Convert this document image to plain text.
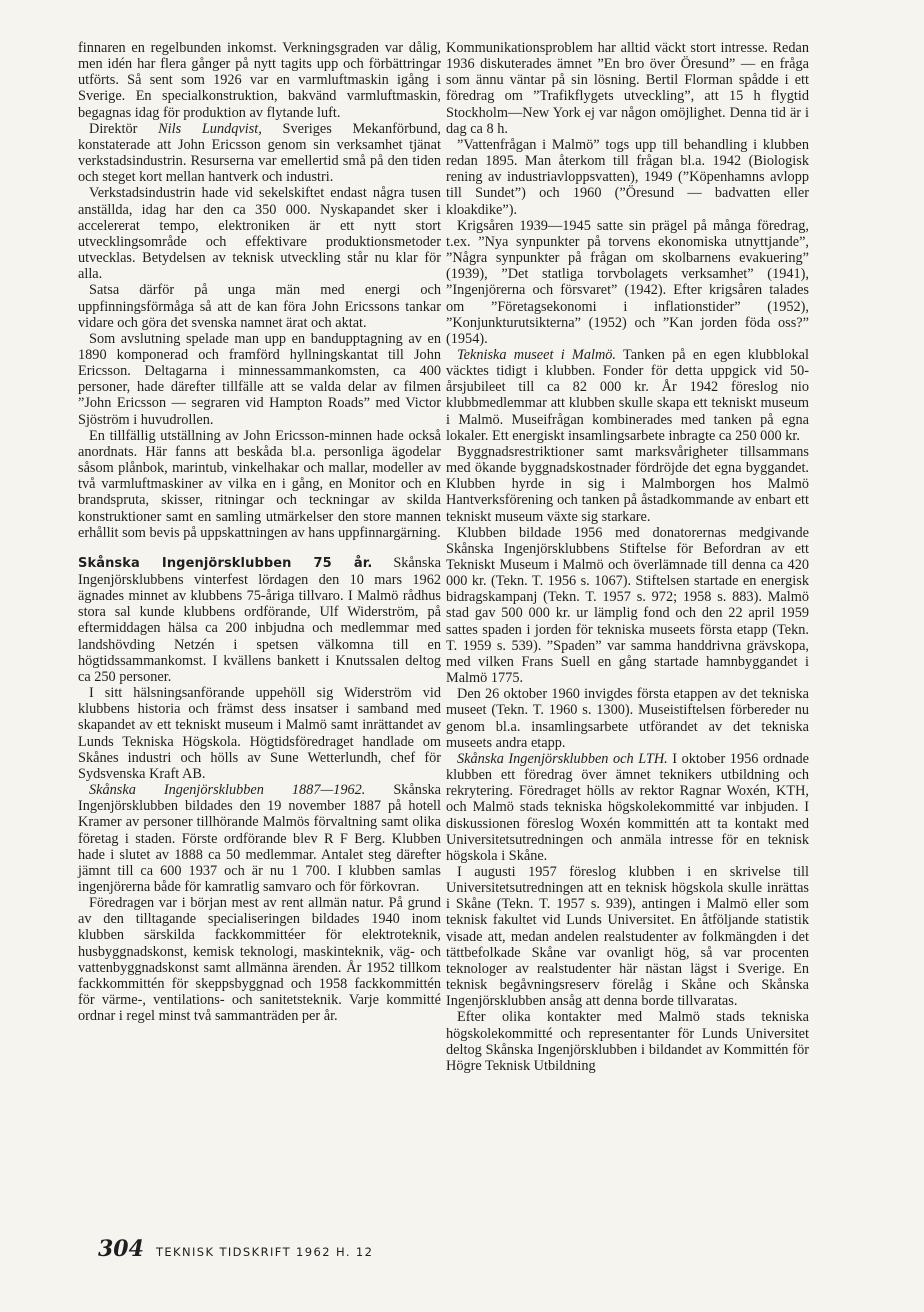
finnaren en regelbunden inkomst. Verkningsgraden var dålig, men idén har flera gånger på nytt tagits upp och förbättringar utförts. Så sent som 1926 var en varmluftmaskin igång i Sverige. En specialkonstruktion, bakvänd varmluftmaskin, begagnas idag för produktion av flytande luft.

Direktör Nils Lundqvist, Sveriges Mekanförbund, konstaterade att John Ericsson genom sin verksamhet tjänat verkstadsindustrin. Resurserna var emellertid små på den tiden och steget kort mellan hantverk och industri.

Verkstadsindustrin hade vid sekelskiftet endast några tusen anställda, idag har den ca 350 000. Nyskapandet sker i accelererat tempo, elektroniken är ett nytt stort utvecklingsområde och effektivare produktionsmetoder utvecklas. Betydelsen av teknisk utveckling står nu klar för alla.

Satsa därför på unga män med energi och uppfinningsförmåga så att de kan föra John Ericssons tankar vidare och göra det svenska namnet ärat och aktat.

Som avslutning spelade man upp en bandupptagning av en 1890 komponerad och framförd hyllningskantat till John Ericsson. Deltagarna i minnessammankomsten, ca 400 personer, hade därefter tillfälle att se valda delar av filmen ”John Ericsson — segraren vid Hampton Roads” med Victor Sjöström i huvudrollen.

En tillfällig utställning av John Ericsson-minnen hade också anordnats. Här fanns att beskåda bl.a. personliga ägodelar såsom plånbok, marintub, vinkelhakar och mallar, modeller av två varmluftmaskiner av vilka en i gång, en Monitor och en brandspruta, skisser, ritningar och teckningar av skilda konstruktioner samt en samling utmärkelser den store mannen erhållit som bevis på uppskattningen av hans uppfinnargärning.

Skånska Ingenjörsklubben 75 år. Skånska Ingenjörsklubbens vinterfest lördagen den 10 mars 1962 ägnades minnet av klubbens 75-åriga tillvaro. I Malmö rådhus stora sal kunde klubbens ordförande, Ulf Widerström, på eftermiddagen hälsa ca 200 inbjudna och medlemmar med landshövding Netzén i spetsen välkomna till en högtidssammankomst. I kvällens bankett i Knutssalen deltog ca 250 personer.

I sitt hälsningsanförande uppehöll sig Widerström vid klubbens historia och främst dess insatser i samband med skapandet av ett tekniskt museum i Malmö samt inrättandet av Lunds Tekniska Högskola. Högtidsföredraget handlade om Skånes industri och hölls av Sune Wetterlundh, chef för Sydsvenska Kraft AB.

Skånska Ingenjörsklubben 1887—1962. Skånska Ingenjörsklubben bildades den 19 november 1887 på hotell Kramer av personer tillhörande Malmös förvaltning samt olika företag i staden. Förste ordförande blev R F Berg. Klubben hade i slutet av 1888 ca 50 medlemmar. Antalet steg därefter jämnt till ca 600 1937 och är nu 1 700. I klubben samlas ingenjörerna både för kamratlig samvaro och för förkovran.

Föredragen var i början mest av rent allmän natur. På grund av den tilltagande specialiseringen bildades 1940 inom klubben särskilda fackkommittéer för elektroteknik, husbyggnadskonst, kemisk teknologi, maskinteknik, väg- och vattenbyggnadskonst samt allmänna ärenden. År 1952 tillkom fackkommittén för skeppsbyggnad och 1958 fackkommittén för värme-, ventilations- och sanitetsteknik. Varje kommitté ordnar i regel minst två sammanträden per år.

Kommunikationsproblem har alltid väckt stort intresse. Redan 1936 diskuterades ämnet ”En bro över Öresund” — en fråga som ännu väntar på sin lösning. Bertil Florman spådde i ett föredrag om ”Trafikflygets utveckling”, att 15 h flygtid Stockholm—New York ej var någon omöjlighet. Denna tid är i dag ca 8 h.

”Vattenfrågan i Malmö” togs upp till behandling i klubben redan 1895. Man återkom till frågan bl.a. 1942 (Biologisk rening av industriavloppsvatten), 1949 (”Köpenhamns avlopp till Sundet”) och 1960 (”Öresund — badvatten eller kloakdike”).

Krigsåren 1939—1945 satte sin prägel på många föredrag, t.ex. ”Nya synpunkter på torvens ekonomiska utnyttjande”, ”Några synpunkter på frågan om skolbarnens evakuering” (1939), ”Det statliga torvbolagets verksamhet” (1941), ”Ingenjörerna och försvaret” (1942). Efter krigsåren talades om ”Företagsekonomi i inflationstider” (1952), ”Konjunkturutsikterna” (1952) och ”Kan jorden föda oss?” (1954).

Tekniska museet i Malmö. Tanken på en egen klubblokal väcktes tidigt i klubben. Fonder för detta uppgick vid 50-årsjubileet till ca 82 000 kr. År 1942 föreslog nio klubbmedlemmar att klubben skulle skapa ett tekniskt museum i Malmö. Museifrågan kombinerades med tanken på egna lokaler. Ett energiskt insamlingsarbete inbragte ca 250 000 kr.

Byggnadsrestriktioner samt marksvårigheter tillsammans med ökande byggnadskostnader fördröjde det egna byggandet. Klubben hyrde in sig i Malmborgen hos Malmö Hantverksförening och tanken på åstadkommande av enbart ett tekniskt museum växte sig starkare.

Klubben bildade 1956 med donatorernas medgivande Skånska Ingenjörsklubbens Stiftelse för Befordran av ett Tekniskt Museum i Malmö och överlämnade till denna ca 420 000 kr. (Tekn. T. 1956 s. 1067). Stiftelsen startade en energisk bidragskampanj (Tekn. T. 1957 s. 972; 1958 s. 883). Malmö stad gav 500 000 kr. ur lämplig fond och den 22 april 1959 sattes spaden i jorden för tekniska museets första etapp (Tekn. T. 1959 s. 539). ”Spaden” var samma handdrivna grävskopa, med vilken Frans Suell en gång startade hamnbyggandet i Malmö 1775.

Den 26 oktober 1960 invigdes första etappen av det tekniska museet (Tekn. T. 1960 s. 1300). Museistiftelsen förbereder nu genom bl.a. insamlingsarbete utförandet av det tekniska museets andra etapp.

Skånska Ingenjörsklubben och LTH. I oktober 1956 ordnade klubben ett föredrag över ämnet teknikers utbildning och rekrytering. Föredraget hölls av rektor Ragnar Woxén, KTH, och Malmö stads tekniska högskolekommitté var inbjuden. I diskussionen föreslog Woxén kommittén att ta kontakt med Universitetsutredningen och anmäla intresse för en teknisk högskola i Skåne.

I augusti 1957 föreslog klubben i en skrivelse till Universitetsutredningen att en teknisk högskola skulle inrättas i Skåne (Tekn. T. 1957 s. 939), antingen i Malmö eller som teknisk fakultet vid Lunds Universitet. En åtföljande statistik visade att, medan andelen realstudenter av folkmängden i det tättbefolkade Skåne var ovanligt hög, så var procenten teknologer av realstudenter här nästan lägst i Sverige. En teknisk begåvningsreserv förelåg i Skåne och Skånska Ingenjörsklubben ansåg att denna borde tillvaratas.

Efter olika kontakter med Malmö stads tekniska högskolekommitté och representanter för Lunds Universitet deltog Skånska Ingenjörsklubben i bildandet av Kommittén för Högre Teknisk Utbildning

304 TEKNISK TIDSKRIFT 1962 H. 12
